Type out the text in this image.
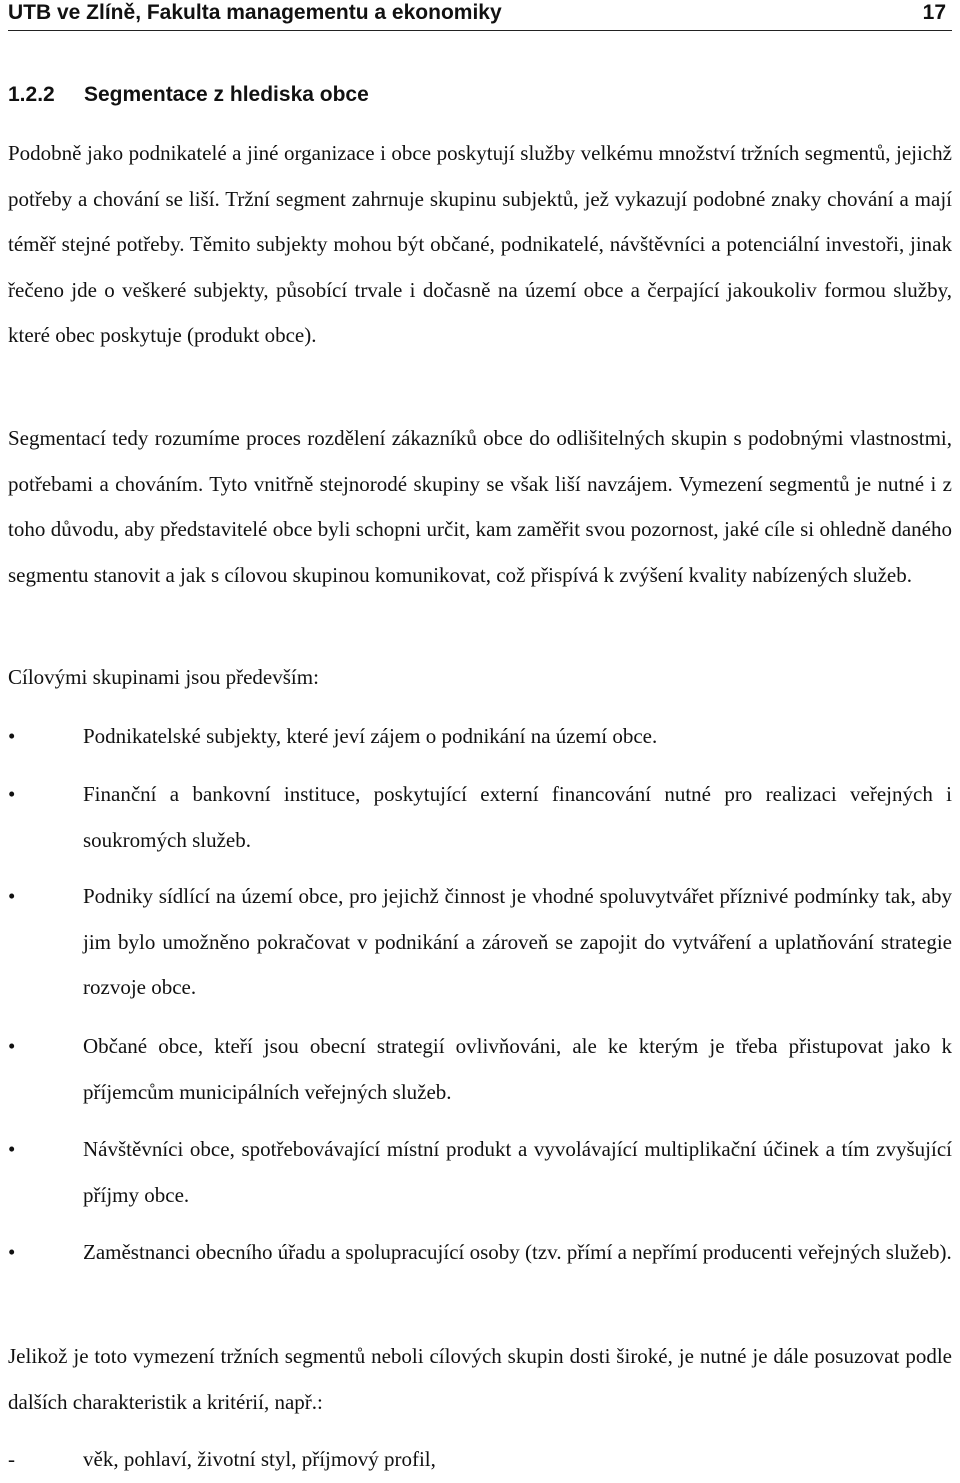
UTB ve Zlíně, Fakulta managementu a ekonomiky	17
1.2.2 Segmentace z hlediska obce

Podobně jako podnikatelé a jiné organizace i obce poskytují služby velkému množství tržních segmentů, jejichž potřeby a chování se liší. Tržní segment zahrnuje skupinu subjektů, jež vykazují podobné znaky chování a mají téměř stejné potřeby. Těmito subjekty mohou být občané, podnikatelé, návštěvníci a potenciální investoři, jinak řečeno jde o veškeré subjekty, působící trvale i dočasně na území obce a čerpající jakoukoliv formou služby, které obec poskytuje (produkt obce).

Segmentací tedy rozumíme proces rozdělení zákazníků obce do odlišitelných skupin s podobnými vlastnostmi, potřebami a chováním. Tyto vnitřně stejnorodé skupiny se však liší navzájem. Vymezení segmentů je nutné i z toho důvodu, aby představitelé obce byli schopni určit, kam zaměřit svou pozornost, jaké cíle si ohledně daného segmentu stanovit a jak s cílovou skupinou komunikovat, což přispívá k zvýšení kvality nabízených služeb.

Cílovými skupinami jsou především:

•	Podnikatelské subjekty, které jeví zájem o podnikání na území obce.
•	Finanční a bankovní instituce, poskytující externí financování nutné pro realizaci veřejných i soukromých služeb.
•	Podniky sídlící na území obce, pro jejichž činnost je vhodné spoluvytvářet příznivé podmínky tak, aby jim bylo umožněno pokračovat v podnikání a zároveň se zapojit do vytváření a uplatňování strategie rozvoje obce.
•	Občané obce, kteří jsou obecní strategií ovlivňováni, ale ke kterým je třeba přistupovat jako k příjemcům municipálních veřejných služeb.
•	Návštěvníci obce, spotřebovávající místní produkt a vyvolávající multiplikační účinek a tím zvyšující příjmy obce.
•	Zaměstnanci obecního úřadu a spolupracující osoby (tzv. přímí a nepřímí producenti veřejných služeb).

Jelikož je toto vymezení tržních segmentů neboli cílových skupin dosti široké, je nutné je dále posuzovat podle dalších charakteristik a kritérií, např.:

-	věk, pohlaví, životní styl, příjmový profil,
